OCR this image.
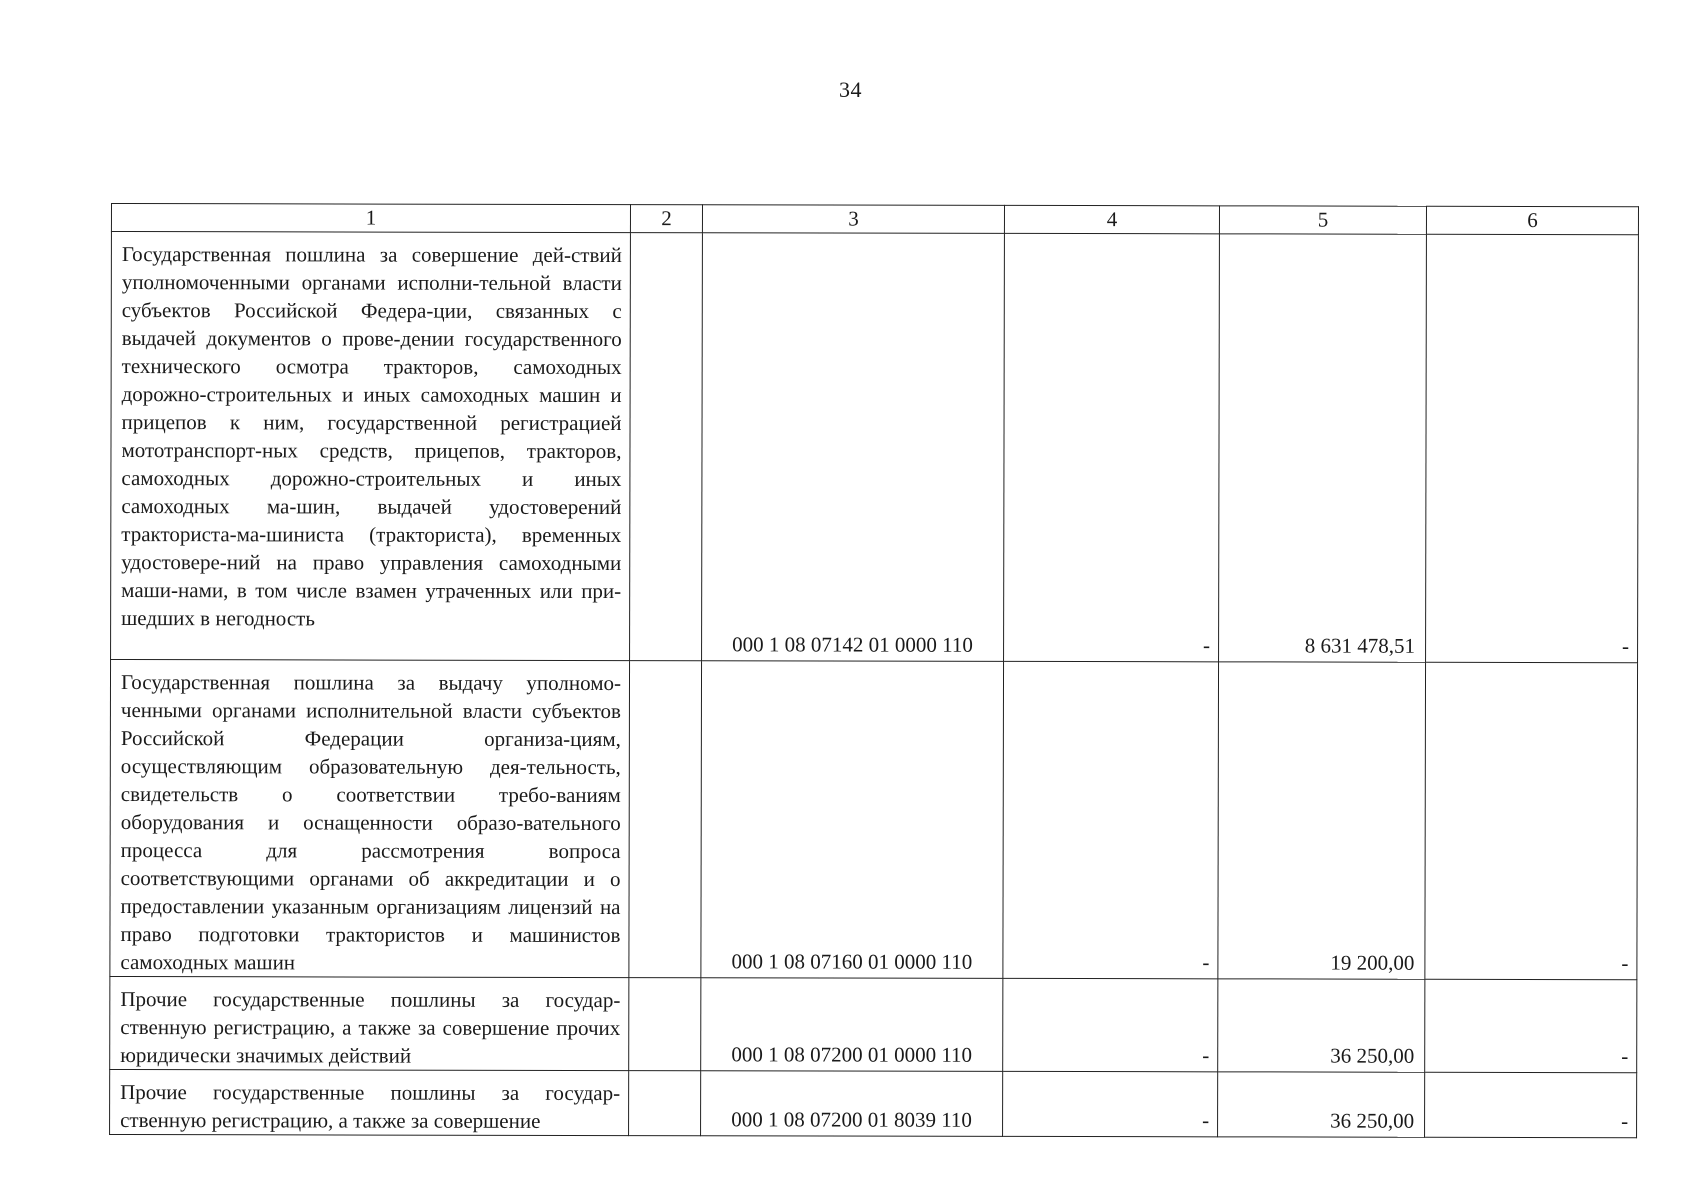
34
1	2	3	4	5	6
Государственная пошлина за совершение дей-ствий уполномоченными органами исполни-тельной власти субъектов Российской Федера-ции, связанных с выдачей документов о прове-дении государственного технического осмотра тракторов, самоходных дорожно-строительных и иных самоходных машин и прицепов к ним, государственной регистрацией мототранспорт-ных средств, прицепов, тракторов, самоходных дорожно-строительных и иных самоходных ма-шин, выдачей удостоверений тракториста-ма-шиниста (тракториста), временных удостовере-ний на право управления самоходными маши-нами, в том числе взамен утраченных или при-шедших в негодность		000 1 08 07142 01 0000 110	-	8 631 478,51	-
Государственная пошлина за выдачу уполномо-ченными органами исполнительной власти субъектов Российской Федерации организа-циям, осуществляющим образовательную дея-тельность, свидетельств о соответствии требо-ваниям оборудования и оснащенности образо-вательного процесса для рассмотрения вопроса соответствующими органами об аккредитации и о предоставлении указанным организациям лицензий на право подготовки трактористов и машинистов самоходных машин		000 1 08 07160 01 0000 110	-	19 200,00	-
Прочие государственные пошлины за государ-ственную регистрацию, а также за совершение прочих юридически значимых действий		000 1 08 07200 01 0000 110	-	36 250,00	-
Прочие государственные пошлины за государ-ственную регистрацию, а также за совершение		000 1 08 07200 01 8039 110	-	36 250,00	-
